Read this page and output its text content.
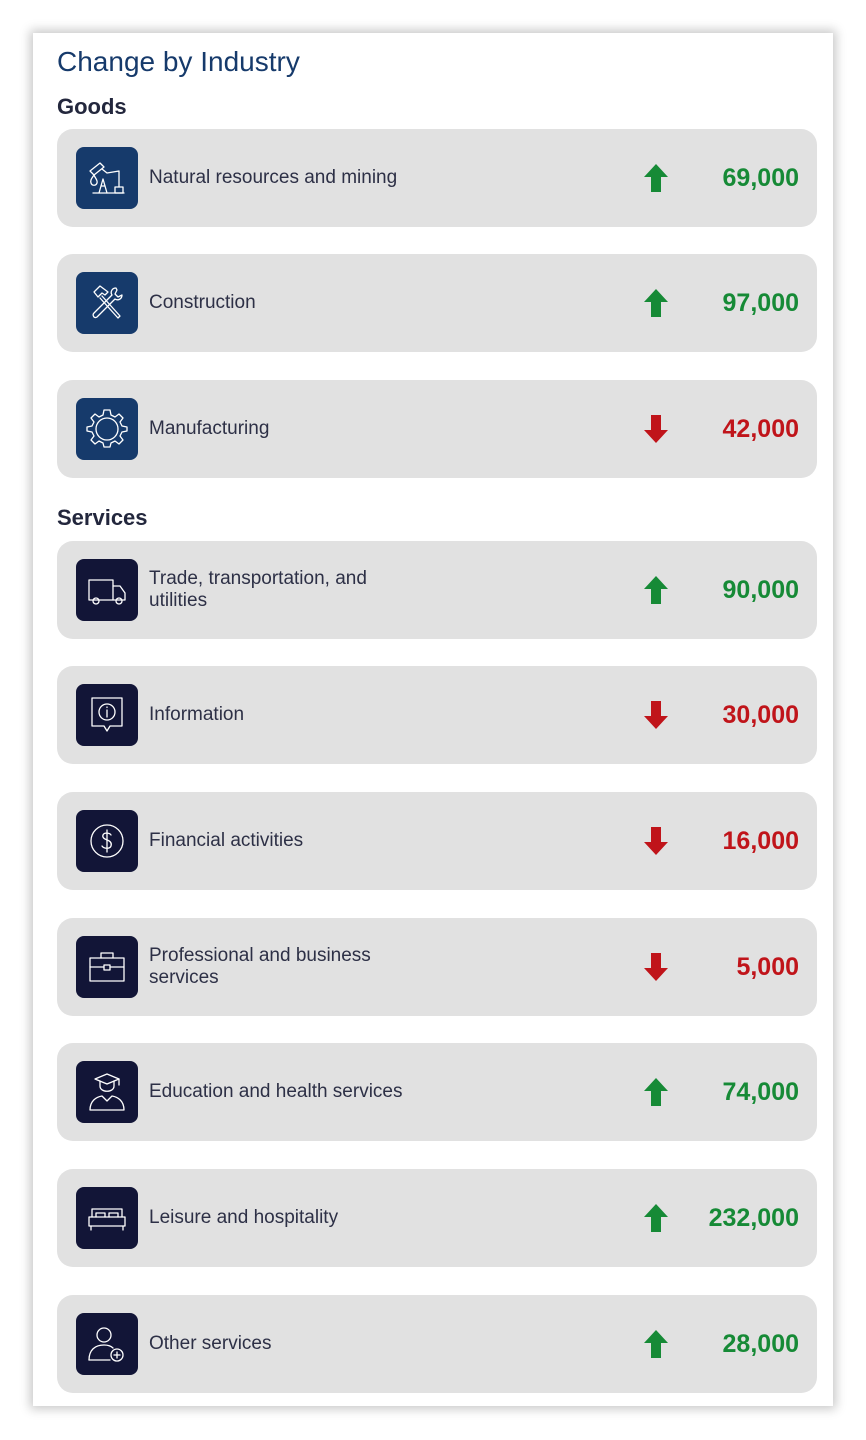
Change by Industry
Goods
Natural resources and mining	69,000
Construction	97,000
Manufacturing	42,000
Services
Trade, transportation, and utilities	90,000
Information	30,000
Financial activities	16,000
Professional and business services	5,000
Education and health services	74,000
Leisure and hospitality	232,000
Other services	28,000
